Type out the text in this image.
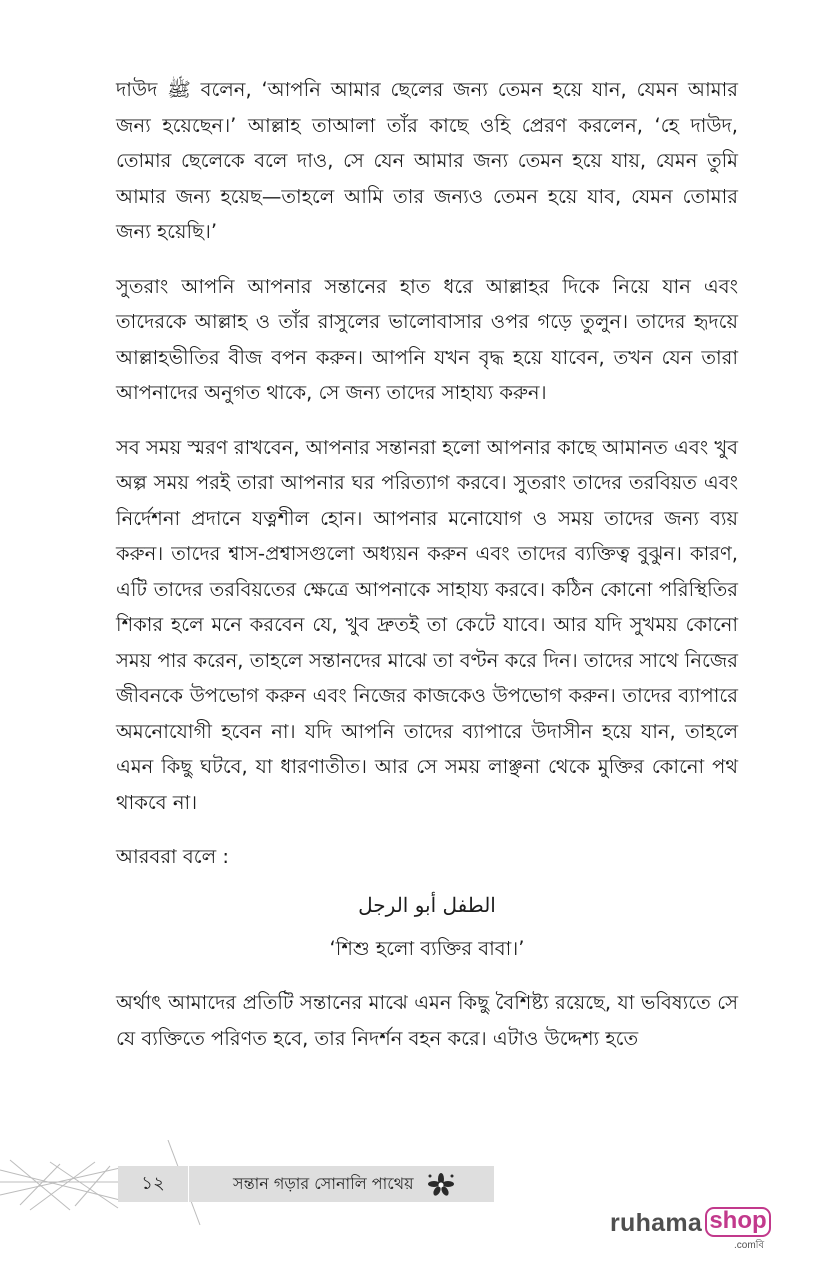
দাউদ ﷺ বলেন, ‘আপনি আমার ছেলের জন্য তেমন হয়ে যান, যেমন আমার জন্য হয়েছেন।’ আল্লাহ তাআলা তাঁর কাছে ওহি প্রেরণ করলেন, ‘হে দাউদ, তোমার ছেলেকে বলে দাও, সে যেন আমার জন্য তেমন হয়ে যায়, যেমন তুমি আমার জন্য হয়েছ—তাহলে আমি তার জন্যও তেমন হয়ে যাব, যেমন তোমার জন্য হয়েছি।’

সুতরাং আপনি আপনার সন্তানের হাত ধরে আল্লাহর দিকে নিয়ে যান এবং তাদেরকে আল্লাহ ও তাঁর রাসুলের ভালোবাসার ওপর গড়ে তুলুন। তাদের হৃদয়ে আল্লাহভীতির বীজ বপন করুন। আপনি যখন বৃদ্ধ হয়ে যাবেন, তখন যেন তারা আপনাদের অনুগত থাকে, সে জন্য তাদের সাহায্য করুন।

সব সময় স্মরণ রাখবেন, আপনার সন্তানরা হলো আপনার কাছে আমানত এবং খুব অল্প সময় পরই তারা আপনার ঘর পরিত্যাগ করবে। সুতরাং তাদের তরবিয়ত এবং নির্দেশনা প্রদানে যত্নশীল হোন। আপনার মনোযোগ ও সময় তাদের জন্য ব্যয় করুন। তাদের শ্বাস-প্রশ্বাসগুলো অধ্যয়ন করুন এবং তাদের ব্যক্তিত্ব বুঝুন। কারণ, এটি তাদের তরবিয়তের ক্ষেত্রে আপনাকে সাহায্য করবে। কঠিন কোনো পরিস্থিতির শিকার হলে মনে করবেন যে, খুব দ্রুতই তা কেটে যাবে। আর যদি সুখময় কোনো সময় পার করেন, তাহলে সন্তানদের মাঝে তা বণ্টন করে দিন। তাদের সাথে নিজের জীবনকে উপভোগ করুন এবং নিজের কাজকেও উপভোগ করুন। তাদের ব্যাপারে অমনোযোগী হবেন না। যদি আপনি তাদের ব্যাপারে উদাসীন হয়ে যান, তাহলে এমন কিছু ঘটবে, যা ধারণাতীত। আর সে সময় লাঞ্ছনা থেকে মুক্তির কোনো পথ থাকবে না।

আরবরা বলে :

الطفل أبو الرجل
‘শিশু হলো ব্যক্তির বাবা।’

অর্থাৎ আমাদের প্রতিটি সন্তানের মাঝে এমন কিছু বৈশিষ্ট্য রয়েছে, যা ভবিষ্যতে সে যে ব্যক্তিতে পরিণত হবে, তার নিদর্শন বহন করে। এটাও উদ্দেশ্য হতে

১২	সন্তান গড়ার সোনালি পাথেয়
ruhama shop
.comবি
